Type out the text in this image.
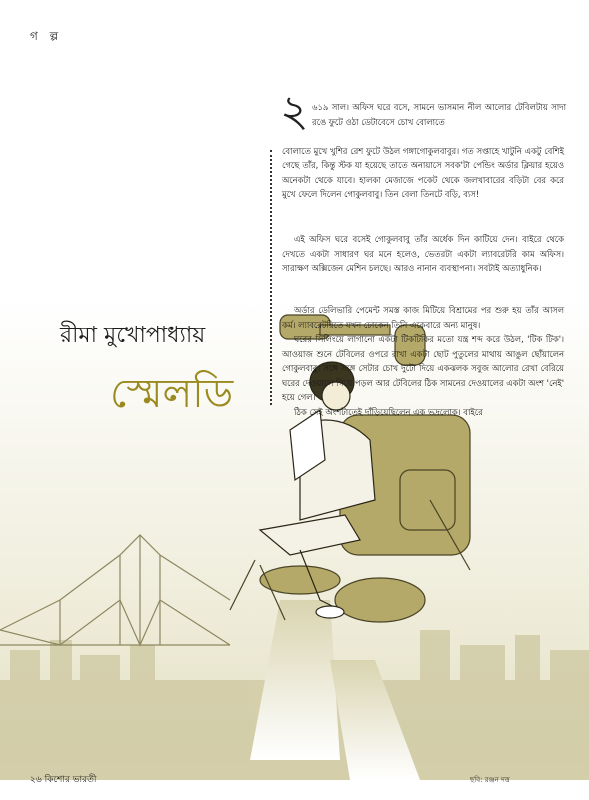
গ ল্প
২ ৬১৯ সাল। অফিস ঘরে বসে, সামনে ভাসমান নীল আলোর টেবিলটায় সাদা রঙে ফুটে ওঠা ডেটাবেসে চোখ বোলাতে

বোলাতে মুখে খুশির রেশ ফুটে উঠল গঙ্গাগোকুলবাবুর। গত সপ্তাহে খাটুনি একটু বেশিই গেছে তাঁর, কিন্তু স্টক যা হয়েছে তাতে অনায়াসে সবক'টা পেন্ডিং অর্ডার ক্লিয়ার হয়েও অনেকটা থেকে যাবে। হালকা মেজাজে পকেট থেকে জলখাবারের বড়িটা বের করে মুখে ফেলে দিলেন গোকুলবাবু। তিন বেলা তিনটে বড়ি, ব্যস!

এই অফিস ঘরে বসেই গোকুলবাবু তাঁর অর্ধেক দিন কাটিয়ে দেন। বাইরে থেকে দেখতে একটা সাধারণ ঘর মনে হলেও, ভেতরটা একটা ল্যাবরেটরি কাম অফিস। সারাক্ষণ অক্সিজেন মেশিন চলছে। আরও নানান ব্যবস্থাপনা। সবটাই অত্যাধুনিক।

অর্ডার ডেলিভারি পেমেন্ট সমস্ত কাজ মিটিয়ে বিশ্রামের পর শুরু হয় তাঁর আসল কর্ম। ল্যাবরেটরিতে যখন ঢোকেন তিনি একেবারে অন্য মানুষ।

ঘরের সিলিংয়ে লাগানো একটা টিকটিকির মতো যন্ত্র শব্দ করে উঠল, 'টিক টিক'। আওয়াজ শুনে টেবিলের ওপরে রাখা একটা ছোট পুতুলের মাথায় আঙুল ছোঁয়ালেন গোকুলবাবু। সঙ্গে সঙ্গে সেটার চোখ দুটো দিয়ে একঝলক সবুজ আলোর রেখা বেরিয়ে ঘরের দেওয়ালে গিয়ে পড়ল আর টেবিলের ঠিক সামনের দেওয়ালের একটা অংশ 'নেই' হয়ে গেল।

ঠিক সেই অংশটাতেই দাঁড়িয়েছিলেন এক ভদ্রলোক। বাইরে

রীমা মুখোপাধ্যায়
স্মেলডি
২৬ কিশোর ভারতী	ছবি: রঞ্জন দত্ত
